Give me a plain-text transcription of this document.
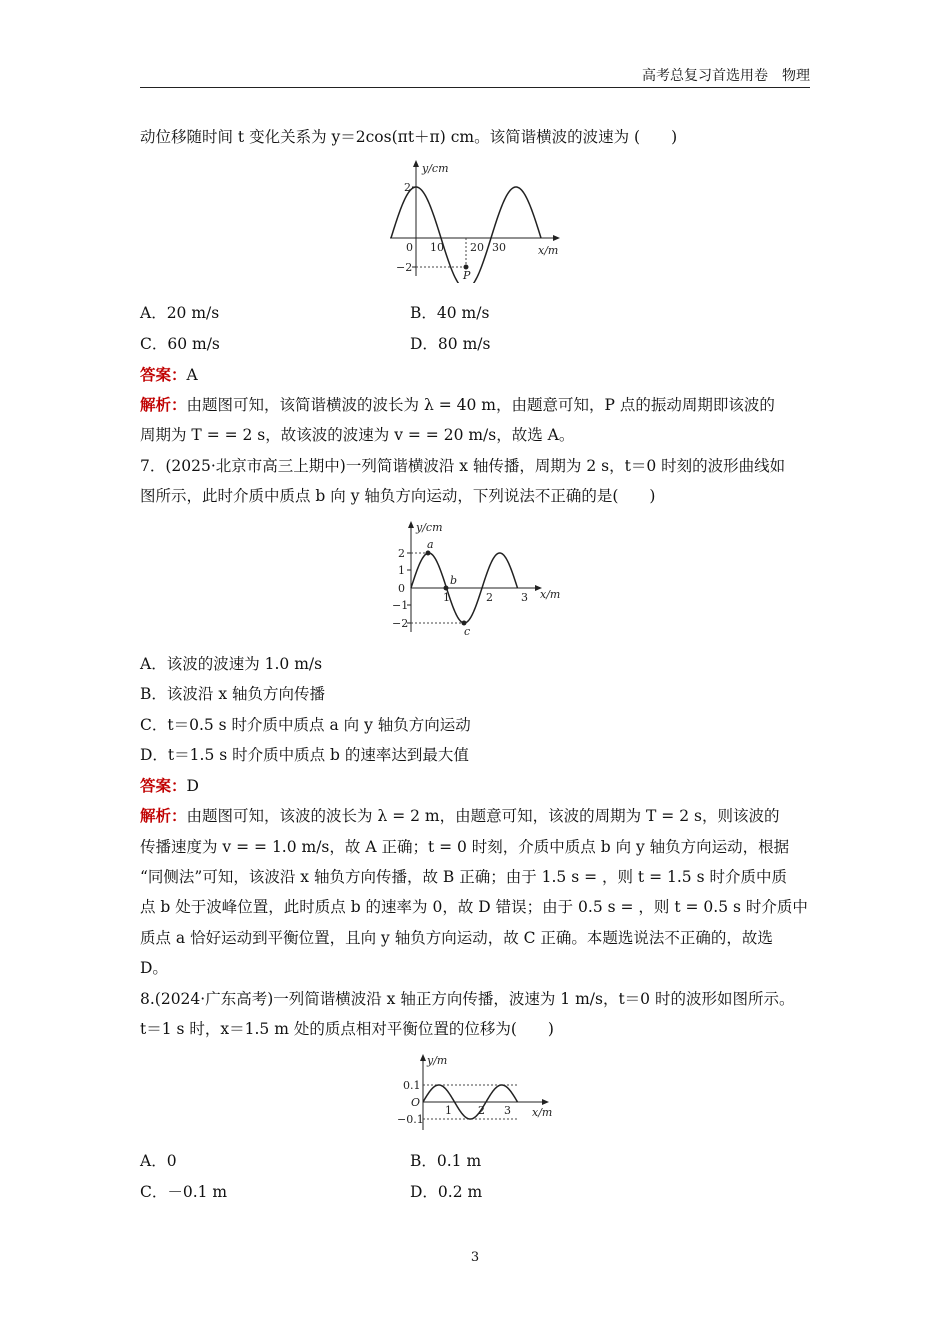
高考总复习首选用卷　物理
动位移随时间 t 变化关系为 y＝2cos(πt＋π) cm。该简谐横波的波速为 (　　)
y/cm
x/m
2
−2
0 10 20 30
P
A．20 m/s	B．40 m/s
C．60 m/s	D．80 m/s
答案：A
解析：由题图可知，该简谐横波的波长为 λ = 40 m，由题意可知，P 点的振动周期即该波的
周期为 T = = 2 s，故该波的波速为 v = = 20 m/s，故选 A。
7．(2025·北京市高三上期中)一列简谐横波沿 x 轴传播，周期为 2 s，t＝0 时刻的波形曲线如
图所示，此时介质中质点 b 向 y 轴负方向运动，下列说法不正确的是(　　)
y/cm
x/m
2
1
0
−1
−2
1	2	3
a
b
c
A．该波的波速为 1.0 m/s
B．该波沿 x 轴负方向传播
C．t＝0.5 s 时介质中质点 a 向 y 轴负方向运动
D．t＝1.5 s 时介质中质点 b 的速率达到最大值
答案：D
解析：由题图可知，该波的波长为 λ = 2 m，由题意可知，该波的周期为 T = 2 s，则该波的
传播速度为 v = = 1.0 m/s，故 A 正确；t = 0 时刻，介质中质点 b 向 y 轴负方向运动，根据
“同侧法”可知，该波沿 x 轴负方向传播，故 B 正确；由于 1.5 s = ，则 t = 1.5 s 时介质中质
点 b 处于波峰位置，此时质点 b 的速率为 0，故 D 错误；由于 0.5 s = ，则 t = 0.5 s 时介质中
质点 a 恰好运动到平衡位置，且向 y 轴负方向运动，故 C 正确。本题选说法不正确的，故选
D。
8.(2024·广东高考)一列简谐横波沿 x 轴正方向传播，波速为 1 m/s，t＝0 时的波形如图所示。
t＝1 s 时，x＝1.5 m 处的质点相对平衡位置的位移为(　　)
y/m
x/m
0.1
O
−0.1
1 2 3
A．0	B．0.1 m
C．－0.1 m	D．0.2 m
3
